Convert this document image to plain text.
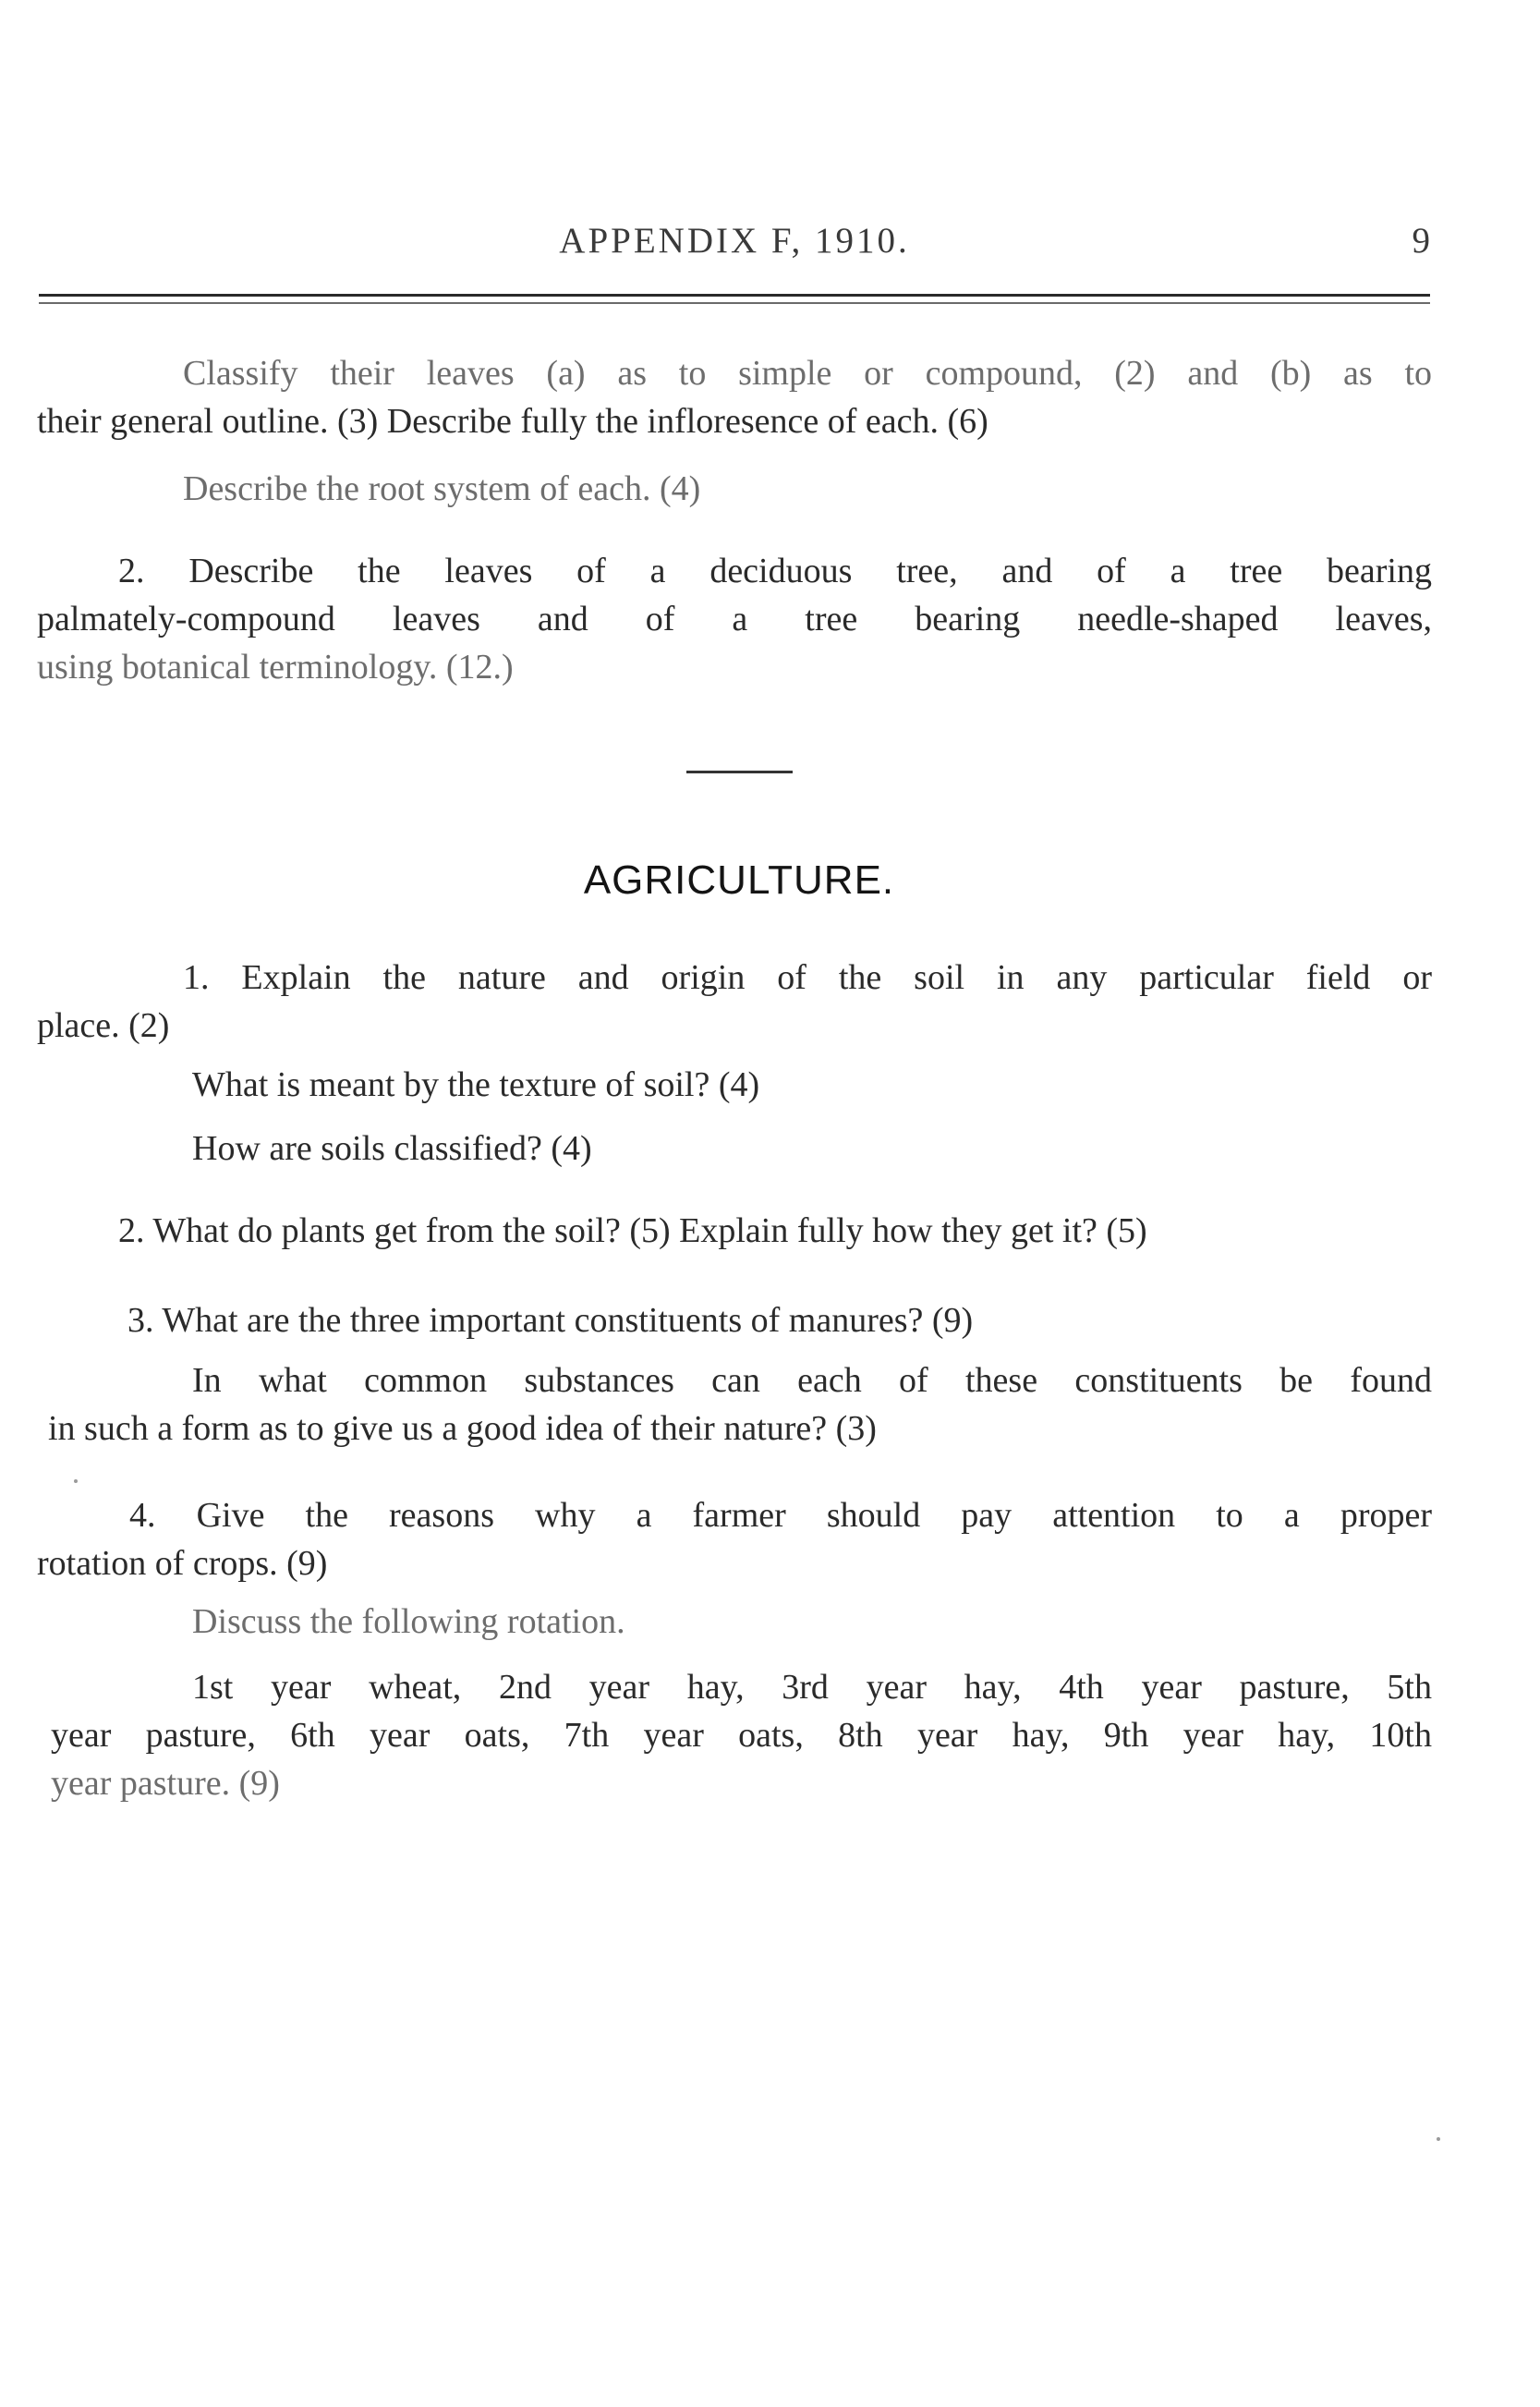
APPENDIX F, 1910.	9
Classify their leaves (a) as to simple or compound, (2) and (b) as to
their general outline. (3) Describe fully the infloresence of each. (6)
Describe the root system of each. (4)
2. Describe the leaves of a deciduous tree, and of a tree bearing
palmately-compound leaves and of a tree bearing needle-shaped leaves,
using botanical terminology. (12.)
AGRICULTURE.
1. Explain the nature and origin of the soil in any particular field or
place. (2)
What is meant by the texture of soil? (4)
How are soils classified? (4)
2. What do plants get from the soil? (5) Explain fully how they get it? (5)
3. What are the three important constituents of manures? (9)
In what common substances can each of these constituents be found
in such a form as to give us a good idea of their nature? (3)
4. Give the reasons why a farmer should pay attention to a proper
rotation of crops. (9)
Discuss the following rotation.
1st year wheat, 2nd year hay, 3rd year hay, 4th year pasture, 5th
year pasture, 6th year oats, 7th year oats, 8th year hay, 9th year hay, 10th
year pasture. (9)
